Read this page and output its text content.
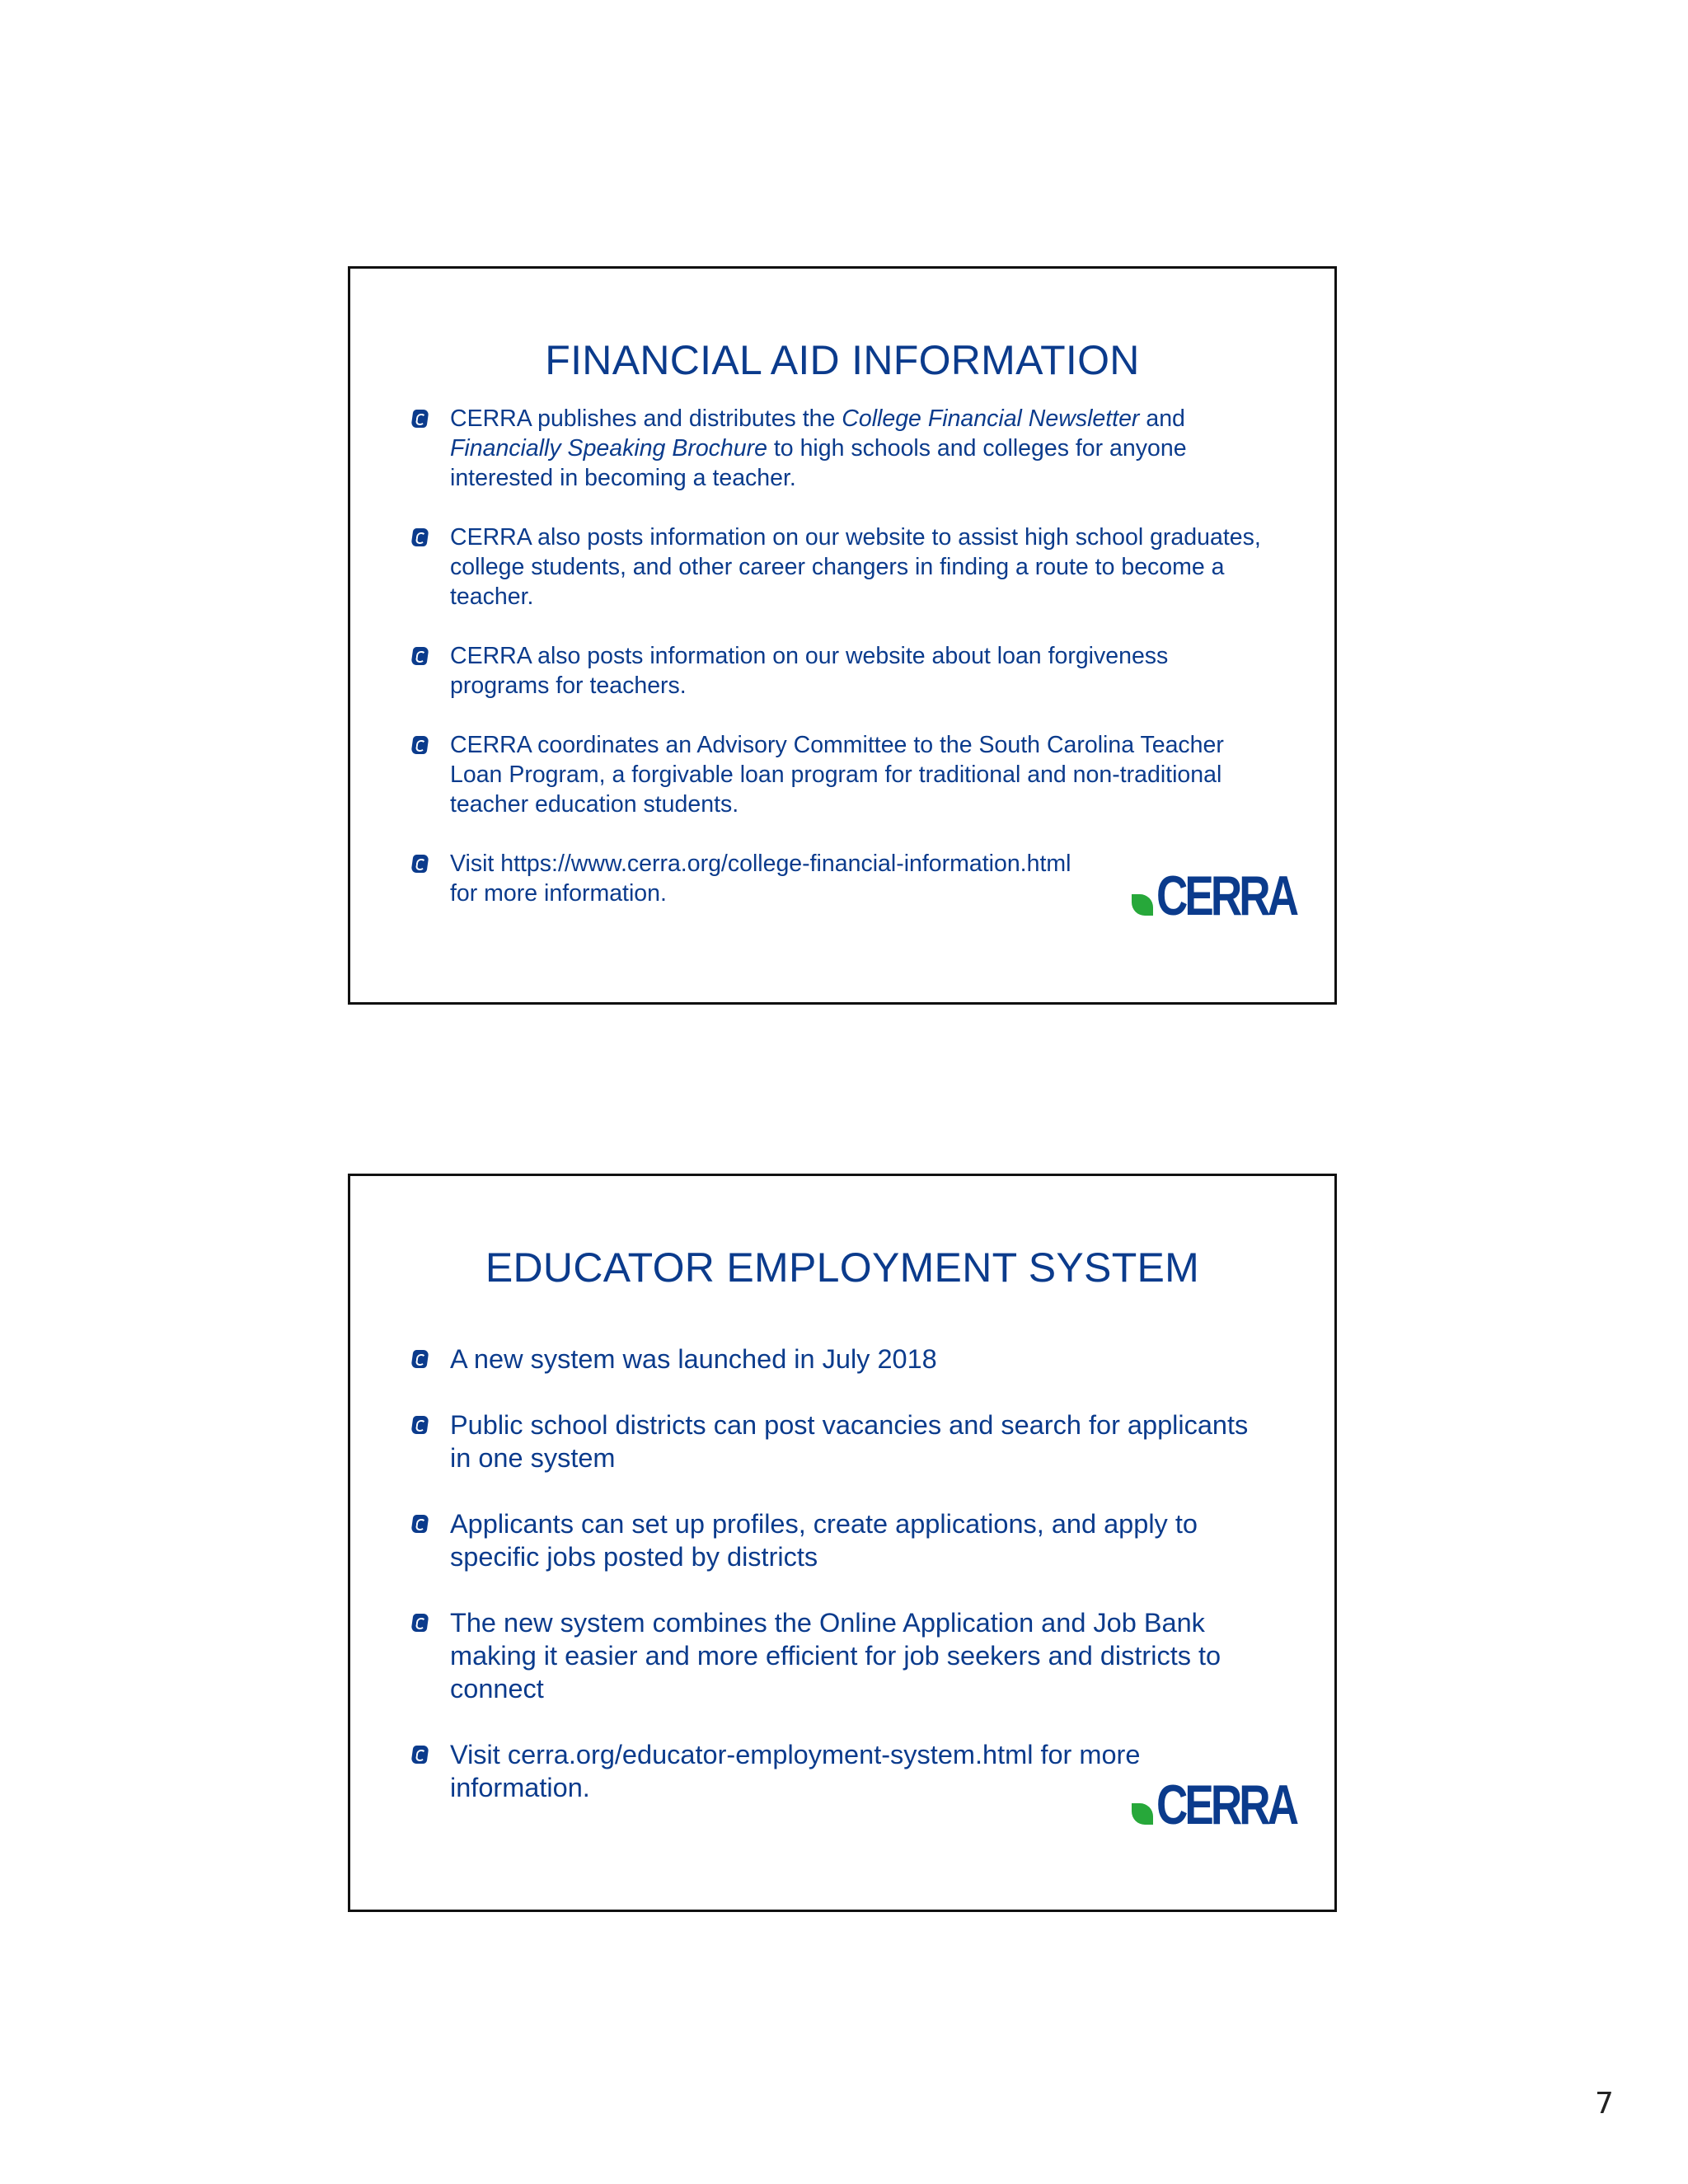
FINANCIAL AID INFORMATION
CERRA publishes and distributes the College Financial Newsletter and Financially Speaking Brochure to high schools and colleges for anyone interested in becoming a teacher.
CERRA also posts information on our website to assist high school graduates, college students, and other career changers in finding a route to become a teacher.
CERRA also posts information on our website about loan forgiveness programs for teachers.
CERRA coordinates an Advisory Committee to the South Carolina Teacher Loan Program, a forgivable loan program for traditional and non-traditional teacher education students.
Visit https://www.cerra.org/college-financial-information.html
for more information.	CERRA
EDUCATOR EMPLOYMENT SYSTEM
A new system was launched in July 2018
Public school districts can post vacancies and search for applicants in one system
Applicants can set up profiles, create applications, and apply to specific jobs posted by districts
The new system combines the Online Application and Job Bank making it easier and more efficient for job seekers and districts to connect
Visit cerra.org/educator-employment-system.html for more
information.	CERRA
7
